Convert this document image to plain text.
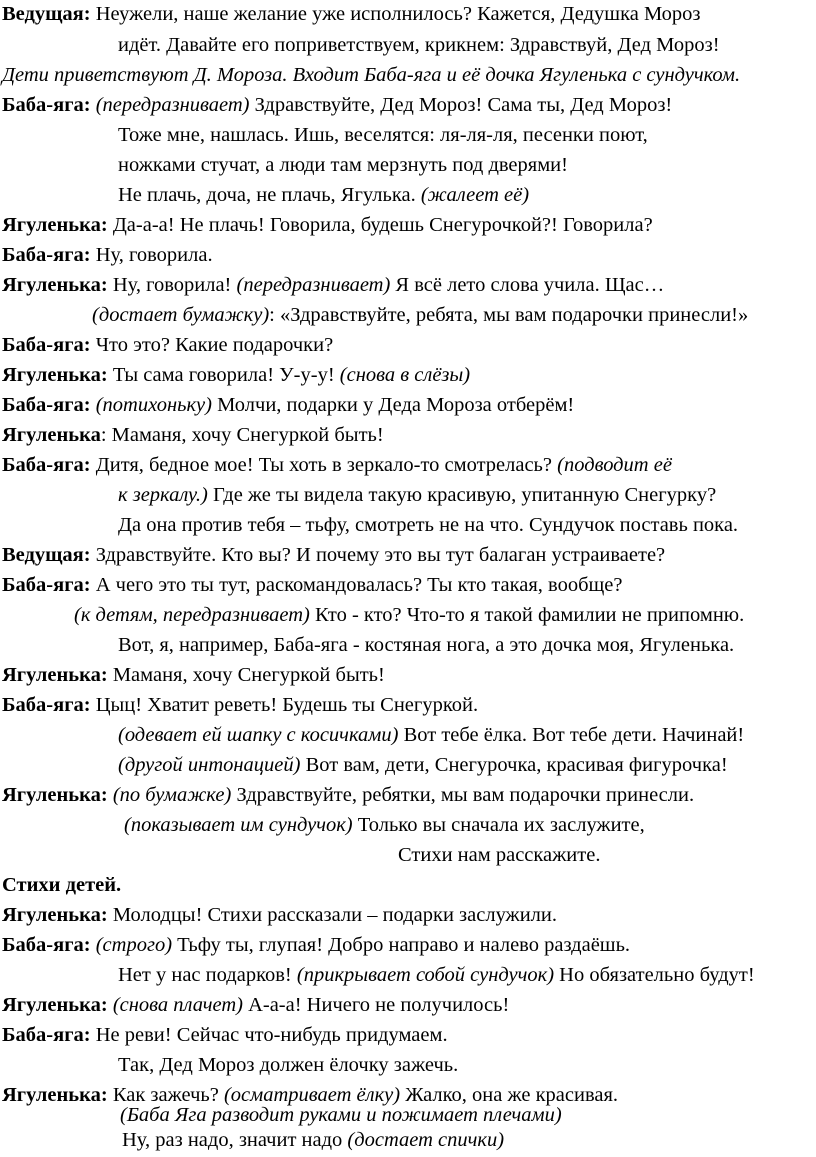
Ведущая: Неужели, наше желание уже исполнилось? Кажется, Дедушка Мороз
идёт. Давайте его поприветствуем, крикнем: Здравствуй, Дед Мороз!
Дети приветствуют Д. Мороза. Входит Баба-яга и её дочка Ягуленька с сундучком.
Баба-яга: (передразнивает) Здравствуйте, Дед Мороз! Сама ты, Дед Мороз!
Тоже мне, нашлась. Ишь, веселятся: ля-ля-ля, песенки поют,
ножками стучат, а люди там мерзнуть под дверями!
Не плачь, доча, не плачь, Ягулька. (жалеет её)
Ягуленька: Да-а-а! Не плачь! Говорила, будешь Снегурочкой?! Говорила?
Баба-яга: Ну, говорила.
Ягуленька: Ну, говорила! (передразнивает) Я всё лето слова учила. Щас…
(достает бумажку): «Здравствуйте, ребята, мы вам подарочки принесли!»
Баба-яга: Что это? Какие подарочки?
Ягуленька: Ты сама говорила! У-у-у! (снова в слёзы)
Баба-яга: (потихоньку) Молчи, подарки у Деда Мороза отберём!
Ягуленька: Маманя, хочу Снегуркой быть!
Баба-яга: Дитя, бедное мое! Ты хоть в зеркало-то смотрелась? (подводит её
к зеркалу.) Где же ты видела такую красивую, упитанную Снегурку?
Да она против тебя – тьфу, смотреть не на что. Сундучок поставь пока.
Ведущая: Здравствуйте. Кто вы? И почему это вы тут балаган устраиваете?
Баба-яга: А чего это ты тут, раскомандовалась? Ты кто такая, вообще?
(к детям, передразнивает) Кто - кто? Что-то я такой фамилии не припомню.
Вот, я, например, Баба-яга - костяная нога, а это дочка моя, Ягуленька.
Ягуленька: Маманя, хочу Снегуркой быть!
Баба-яга: Цыц! Хватит реветь! Будешь ты Снегуркой.
(одевает ей шапку с косичками) Вот тебе ёлка. Вот тебе дети. Начинай!
(другой интонацией) Вот вам, дети, Снегурочка, красивая фигурочка!
Ягуленька: (по бумажке) Здравствуйте, ребятки, мы вам подарочки принесли.
(показывает им сундучок) Только вы сначала их заслужите,
Стихи нам расскажите.
Стихи детей.
Ягуленька: Молодцы! Стихи рассказали – подарки заслужили.
Баба-яга: (строго) Тьфу ты, глупая! Добро направо и налево раздаёшь.
Нет у нас подарков! (прикрывает собой сундучок) Но обязательно будут!
Ягуленька: (снова плачет) А-а-а! Ничего не получилось!
Баба-яга: Не реви! Сейчас что-нибудь придумаем.
Так, Дед Мороз должен ёлочку зажечь.
Ягуленька: Как зажечь? (осматривает ёлку) Жалко, она же красивая.
(Баба Яга разводит руками и пожимает плечами)
Ну, раз надо, значит надо (достает спички)
